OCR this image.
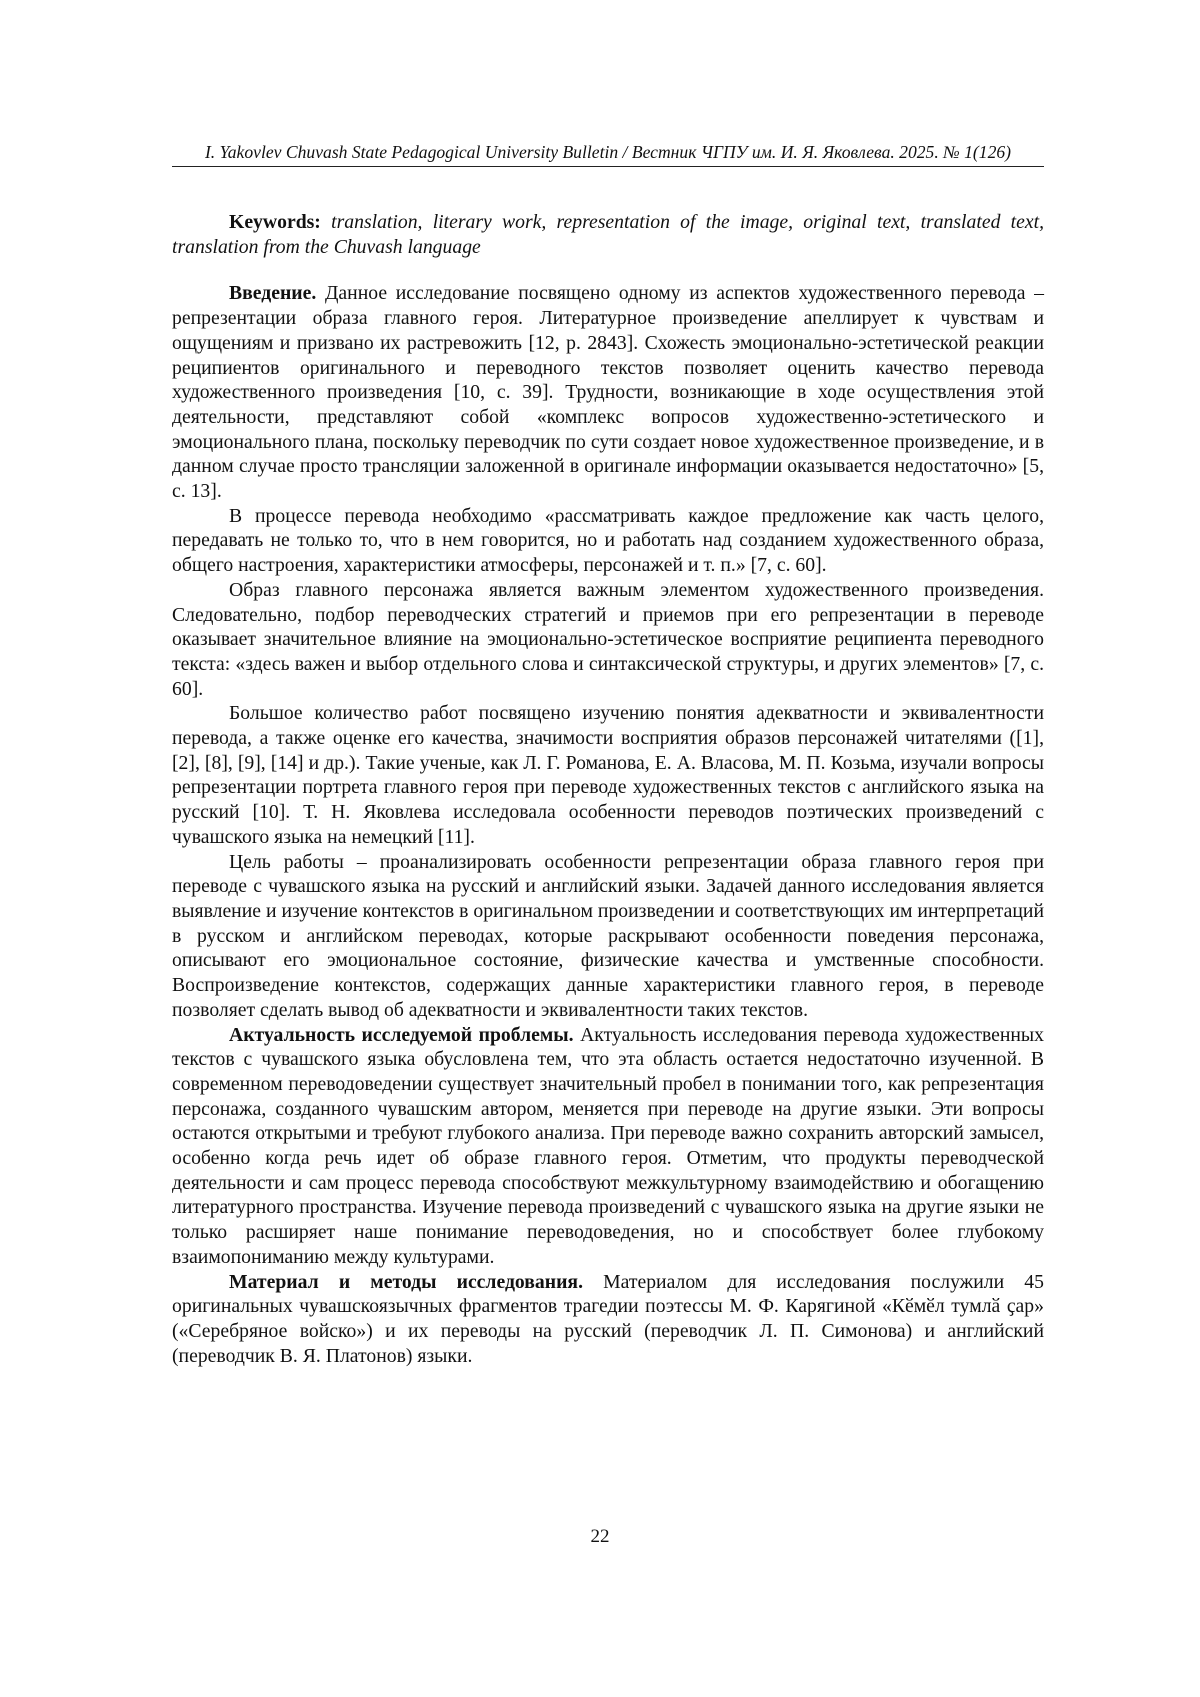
I. Yakovlev Chuvash State Pedagogical University Bulletin / Вестник ЧГПУ им. И. Я. Яковлева. 2025. № 1(126)

Keywords: translation, literary work, representation of the image, original text, translated text, translation from the Chuvash language

Введение. Данное исследование посвящено одному из аспектов художественного перевода – репрезентации образа главного героя. Литературное произведение апеллирует к чувствам и ощущениям и призвано их растревожить [12, p. 2843]. Схожесть эмоционально-эстетической реакции реципиентов оригинального и переводного текстов позволяет оценить качество перевода художественного произведения [10, с. 39]. Трудности, возникающие в ходе осуществления этой деятельности, представляют собой «комплекс вопросов художественно-эстетического и эмоционального плана, поскольку переводчик по сути создает новое художественное произведение, и в данном случае просто трансляции заложенной в оригинале информации оказывается недостаточно» [5, с. 13].

В процессе перевода необходимо «рассматривать каждое предложение как часть целого, передавать не только то, что в нем говорится, но и работать над созданием художественного образа, общего настроения, характеристики атмосферы, персонажей и т. п.» [7, с. 60].

Образ главного персонажа является важным элементом художественного произведения. Следовательно, подбор переводческих стратегий и приемов при его репрезентации в переводе оказывает значительное влияние на эмоционально-эстетическое восприятие реципиента переводного текста: «здесь важен и выбор отдельного слова и синтаксической структуры, и других элементов» [7, с. 60].

Большое количество работ посвящено изучению понятия адекватности и эквивалентности перевода, а также оценке его качества, значимости восприятия образов персонажей читателями ([1], [2], [8], [9], [14] и др.). Такие ученые, как Л. Г. Романова, Е. А. Власова, М. П. Козьма, изучали вопросы репрезентации портрета главного героя при переводе художественных текстов с английского языка на русский [10]. Т. Н. Яковлева исследовала особенности переводов поэтических произведений с чувашского языка на немецкий [11].

Цель работы – проанализировать особенности репрезентации образа главного героя при переводе с чувашского языка на русский и английский языки. Задачей данного исследования является выявление и изучение контекстов в оригинальном произведении и соответствующих им интерпретаций в русском и английском переводах, которые раскрывают особенности поведения персонажа, описывают его эмоциональное состояние, физические качества и умственные способности. Воспроизведение контекстов, содержащих данные характеристики главного героя, в переводе позволяет сделать вывод об адекватности и эквивалентности таких текстов.

Актуальность исследуемой проблемы. Актуальность исследования перевода художественных текстов с чувашского языка обусловлена тем, что эта область остается недостаточно изученной. В современном переводоведении существует значительный пробел в понимании того, как репрезентация персонажа, созданного чувашским автором, меняется при переводе на другие языки. Эти вопросы остаются открытыми и требуют глубокого анализа. При переводе важно сохранить авторский замысел, особенно когда речь идет об образе главного героя. Отметим, что продукты переводческой деятельности и сам процесс перевода способствуют межкультурному взаимодействию и обогащению литературного пространства. Изучение перевода произведений с чувашского языка на другие языки не только расширяет наше понимание переводоведения, но и способствует более глубокому взаимопониманию между культурами.

Материал и методы исследования. Материалом для исследования послужили 45 оригинальных чувашскоязычных фрагментов трагедии поэтессы М. Ф. Карягиной «Кӗмӗл тумлӑ ҫар» («Серебряное войско») и их переводы на русский (переводчик Л. П. Симонова) и английский (переводчик В. Я. Платонов) языки.

22
